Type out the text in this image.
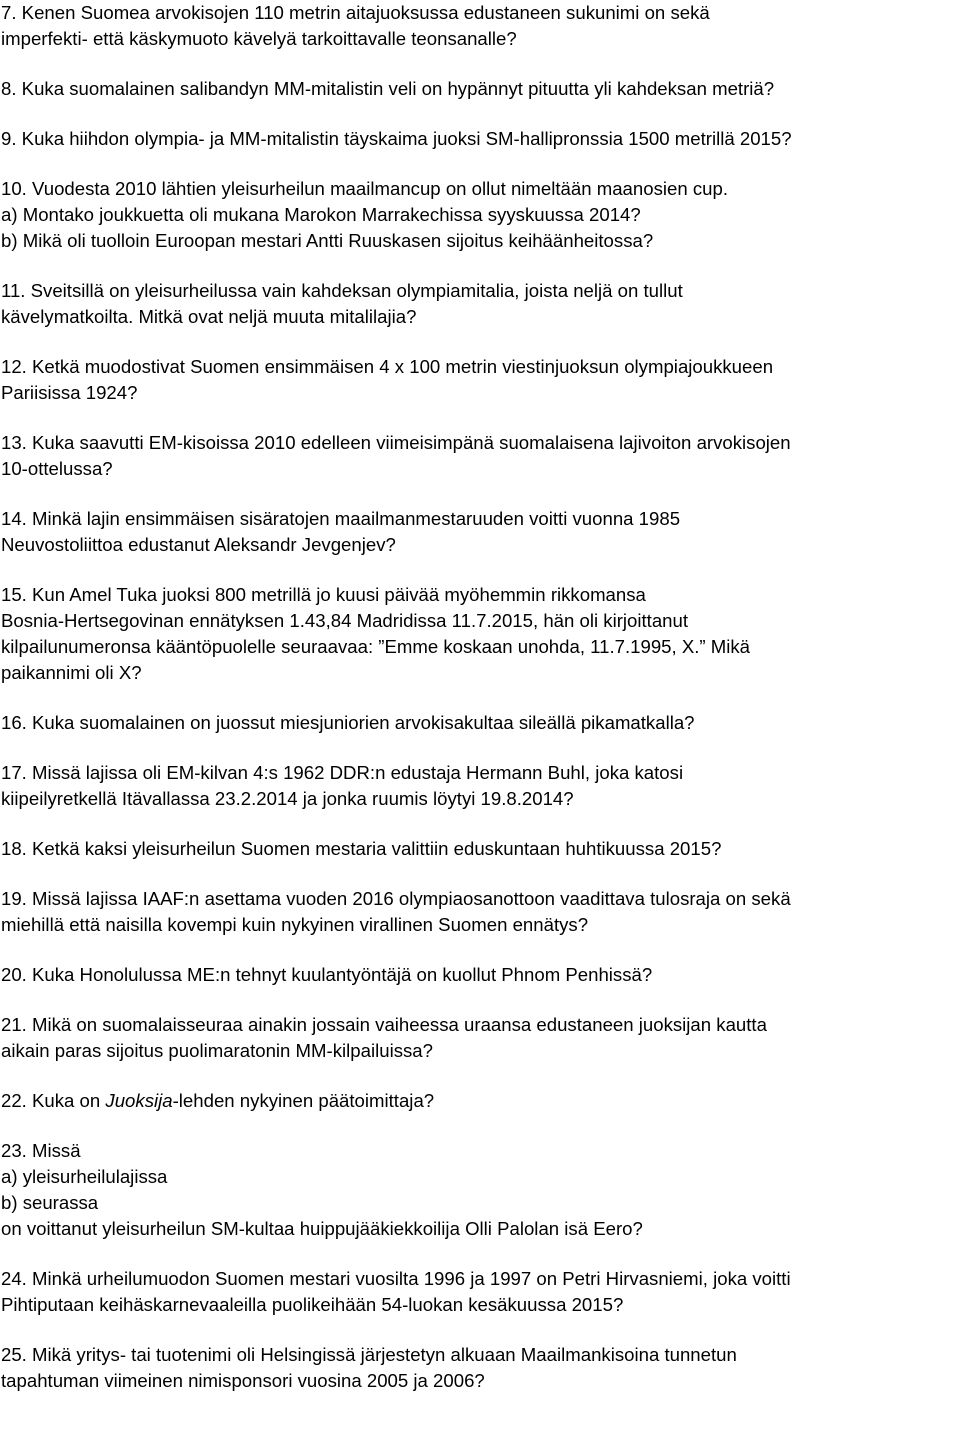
7. Kenen Suomea arvokisojen 110 metrin aitajuoksussa edustaneen sukunimi on sekä
imperfekti- että käskymuoto kävelyä tarkoittavalle teonsanalle?
8. Kuka suomalainen salibandyn MM-mitalistin veli on hypännyt pituutta yli kahdeksan metriä?
9. Kuka hiihdon olympia- ja MM-mitalistin täyskaima juoksi SM-hallipronssia 1500 metrillä 2015?
10. Vuodesta 2010 lähtien yleisurheilun maailmancup on ollut nimeltään maanosien cup.
a) Montako joukkuetta oli mukana Marokon Marrakechissa syyskuussa 2014?
b) Mikä oli tuolloin Euroopan mestari Antti Ruuskasen sijoitus keihäänheitossa?
11. Sveitsillä on yleisurheilussa vain kahdeksan olympiamitalia, joista neljä on tullut
kävelymatkoilta. Mitkä ovat neljä muuta mitalilajia?
12. Ketkä muodostivat Suomen ensimmäisen 4 x 100 metrin viestinjuoksun olympiajoukkueen
Pariisissa 1924?
13. Kuka saavutti EM-kisoissa 2010 edelleen viimeisimpänä suomalaisena lajivoiton arvokisojen
10-ottelussa?
14. Minkä lajin ensimmäisen sisäratojen maailmanmestaruuden voitti vuonna 1985
Neuvostoliittoa edustanut Aleksandr Jevgenjev?
15. Kun Amel Tuka juoksi 800 metrillä jo kuusi päivää myöhemmin rikkomansa
Bosnia-Hertsegovinan ennätyksen 1.43,84 Madridissa 11.7.2015, hän oli kirjoittanut
kilpailunumeronsa kääntöpuolelle seuraavaa: ”Emme koskaan unohda, 11.7.1995, X.” Mikä
paikannimi oli X?
16. Kuka suomalainen on juossut miesjuniorien arvokisakultaa sileällä pikamatkalla?
17. Missä lajissa oli EM-kilvan 4:s 1962 DDR:n edustaja Hermann Buhl, joka katosi
kiipeilyretkellä Itävallassa 23.2.2014 ja jonka ruumis löytyi 19.8.2014?
18. Ketkä kaksi yleisurheilun Suomen mestaria valittiin eduskuntaan huhtikuussa 2015?
19. Missä lajissa IAAF:n asettama vuoden 2016 olympiaosanottoon vaadittava tulosraja on sekä
miehillä että naisilla kovempi kuin nykyinen virallinen Suomen ennätys?
20. Kuka Honolulussa ME:n tehnyt kuulantyöntäjä on kuollut Phnom Penhissä?
21. Mikä on suomalaisseuraa ainakin jossain vaiheessa uraansa edustaneen juoksijan kautta
aikain paras sijoitus puolimaratonin MM-kilpailuissa?
22. Kuka on Juoksija-lehden nykyinen päätoimittaja?
23. Missä
a) yleisurheilulajissa
b) seurassa
on voittanut yleisurheilun SM-kultaa huippujääkiekkoilija Olli Palolan isä Eero?
24. Minkä urheilumuodon Suomen mestari vuosilta 1996 ja 1997 on Petri Hirvasniemi, joka voitti
Pihtiputaan keihäskarnevaaleilla puolikeihään 54-luokan kesäkuussa 2015?
25. Mikä yritys- tai tuotenimi oli Helsingissä järjestetyn alkuaan Maailmankisoina tunnetun
tapahtuman viimeinen nimisponsori vuosina 2005 ja 2006?
